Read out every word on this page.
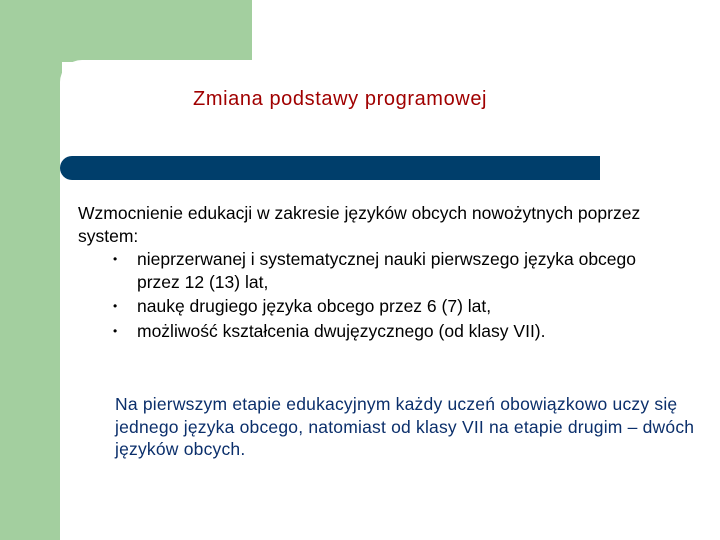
Zmiana podstawy programowej

Wzmocnienie edukacji w zakresie języków obcych nowożytnych poprzez system:

• nieprzerwanej i systematycznej nauki pierwszego języka obcego przez 12 (13) lat,
• naukę drugiego języka obcego przez 6 (7) lat,
• możliwość kształcenia dwujęzycznego (od klasy VII).

Na pierwszym etapie edukacyjnym każdy uczeń obowiązkowo uczy się jednego języka obcego, natomiast od klasy VII na etapie drugim – dwóch języków obcych.
